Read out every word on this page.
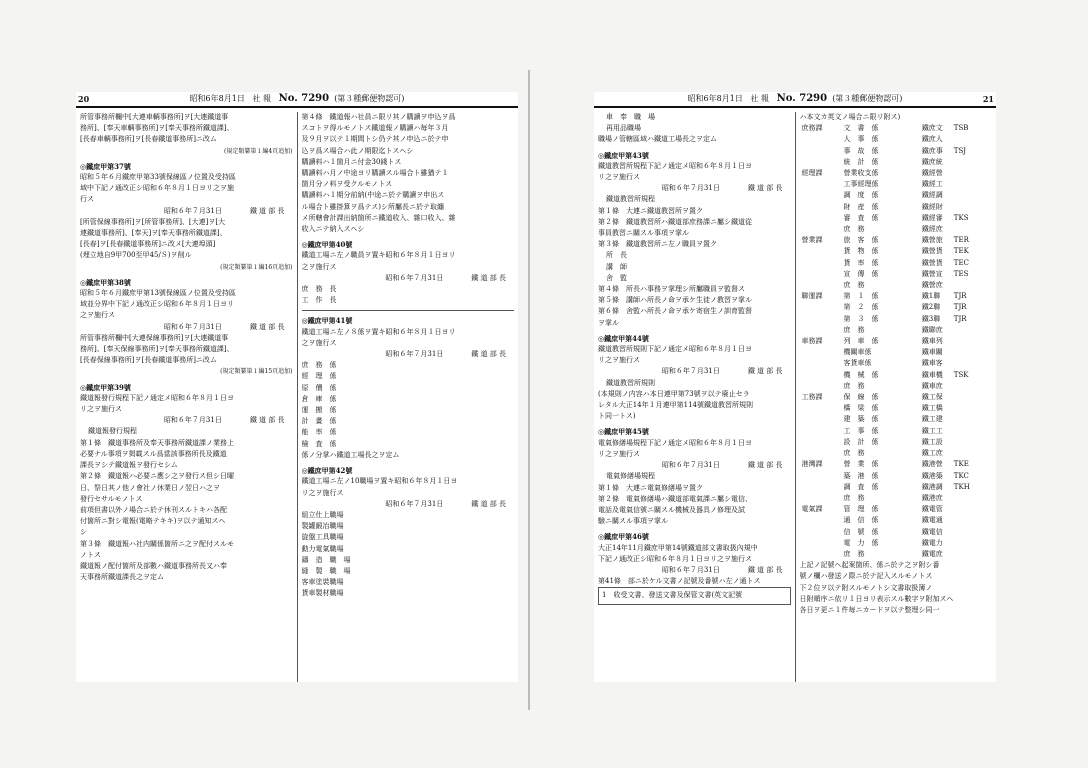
20	昭和6年8月1日 社 報 No. 7290 (第３種郵便物認可)

所管事務所欄中[大連車輌事務所]ヲ[大連鐵道事

務所]、[奉天車輌事務所]ヲ[奉天事務所鐵道課]、

[長春車輌事務所]ヲ[長春鐵道事務所]ニ改ム

(規定類纂第１編4頁追加)

◎鐵庶甲第37號

昭和５年６月鐵庶甲第33號保線區ノ位置及受持區

域中下記ノ通改正シ昭和６年８月１日ヨリ之ヲ施

行ス

昭和６年７月31日　　　　鐵 道 部 長

[所管保線事務所]ヲ[所管事務所]、[大連]ヲ[大

連鐵道事務所]、[奉天]ヲ[奉天事務所鐵道課]、

[長春]ヲ[長春鐵道事務所]ニ改メ[大連埠頭]

(埋立地自9甲700至甲45/Ｓ)ヲ削ル

(規定類纂第１編16頁追加)

◎鐵庶甲第38號

昭和５年６月鐵庶甲第13號保線區ノ位置及受持區

域並分界中下記ノ通改正シ昭和６年８月１日ヨリ

之ヲ施行ス

昭和６年７月31日　　　　鐵 道 部 長

所管事務所欄中[大連保線事務所]ヲ[大連鐵道事

務所]、[奉天保線事務所]ヲ[奉天事務所鐵道課]、

[長春保線事務所]ヲ[長春鐵道事務所]ニ改ム

(規定類纂第１編15頁追加)

◎鐵庶甲第39號

鐵道報發行規程下記ノ通定メ昭和６年８月１日ヨ

リ之ヲ施行ス

昭和６年７月31日　　　　鐵 道 部 長

鐵道報發行規程

第１條　鐵道事務所及奉天事務所鐵道課ノ業務上

必要ナル事項ヲ掲載スル爲當該事務所長及鐵道

課長ヲシテ鐵道報ヲ發行セシム

第２條　鐵道報ハ必要ニ應シ之ヲ發行ス但シ日曜

日、祭日其ノ他ノ會社ノ休業日ノ翌日ハ之ヲ

發行セサルモノトス

前項但書以外ノ場合ニ於テ休刊スルトキハ各配

付箇所ニ對シ電報(電略テキキ)ヲ以テ通知スヘ

シ

第３條　鐵道報ハ社内關係箇所ニ之ヲ配付スルモ

ノトス

鐵道報ノ配付箇所及部數ハ鐵道事務所長又ハ奉

天事務所鐵道課長之ヲ定ム

第４條　鐵道報ハ社員ニ限リ其ノ購讀ヲ申込ヲ爲

スコトヲ得ルモノトス鐵道報ノ購讀ハ毎年３月

及９月ヲ以テ１期間トシ仍テ其ノ申込ニ於テ申

込ヲ爲ス場合ハ此ノ期限迄トスヘシ

購讀料ハ１箇月ニ付金30錢トス

購讀料ハ月ノ中途ヨリ購讀スル場合ト雖猶テ１

箇月分ノ料ヲ受クルモノトス

購讀料ハ１期分前納(中途ニ於テ購讀ヲ申出ス

ル場合ト雖掛算ヲ爲テス)シ所屬長ニ於テ取纏

メ所轄會計課出納箇所ニ鐵道收入、雜口收入、雜

收入ニテ納入スヘシ

◎鐵庶甲第40號

鐵道工場ニ左ノ職員ヲ置キ昭和６年８月１日ヨリ

之ヲ施行ス

昭和６年７月31日　　　　鐵 道 部 長

庶　務　長

工　作　長

◎鐵庶甲第41號

鐵道工場ニ左ノ８係ヲ置キ昭和６年８月１日ヨリ

之ヲ施行ス

昭和６年７月31日　　　　鐵 道 部 長

庶　務　係

經　理　係

原　價　係

倉　庫　係

運　搬　係

計　畫　係

能　率　係

檢　査　係

係ノ分掌ハ鐵道工場長之ヲ定ム

◎鐵庶甲第42號

鐵道工場ニ左ノ10職場ヲ置キ昭和６年８月１日ヨ

リ之ヲ施行ス

昭和６年７月31日　　　　鐵 道 部 長

組立仕上職場

製罐鍛冶職場

旋盤工具職場

動力電氣職場

鑄　造　職　場

縫　製　職　場

客車塗裝職場

貨車製材職場

21
昭和6年8月1日 社 報 No. 7290 (第３種郵便物認可)

車　奉　職　場

再用品職場

職場ノ管轄區域ハ鐵道工場長之ヲ定ム

◎鐵庶甲第43號

鐵道教習所規程下記ノ通定メ昭和６年８月１日ヨ

リ之ヲ施行ス

昭和６年７月31日　　　　鐵 道 部 長

鐵道教習所規程

第１條　大連ニ鐵道教習所ヲ置ク

第２條　鐵道教習所ハ鐵道部庶務課ニ屬シ鐵道從

事員教習ニ關スル事項ヲ掌ル

第３條　鐵道教習所ニ左ノ職員ヲ置ク

所　長

講　師

舍　監

第４條　所長ハ事務ヲ掌理シ所屬職員ヲ監督ス

第５條　講師ハ所長ノ命ヲ承ケ生徒ノ教習ヲ掌ル

第６條　舍監ハ所長ノ命ヲ承ケ寄宿生ノ訓育監督

ヲ掌ル

◎鐵庶甲第44號

鐵道教習所規則下記ノ通定メ昭和６年８月１日ヨ

リ之ヲ施行ス

昭和６年７月31日　　　　鐵 道 部 長

鐵道教習所規則

(本規則ノ内容ハ本日連甲第73號ヲ以テ廢止セラ

レタル大正14年１月連甲第114號鐵道教習所規則

ト同一トス)

◎鐵庶甲第45號

電氣修繕場規程下記ノ通定メ昭和６年８月１日ヨ

リ之ヲ施行ス

昭和６年７月31日　　　　鐵 道 部 長

電氣修繕場規程

第１條　大連ニ電氣修繕場ヲ置ク

第２條　電氣修繕場ハ鐵道部電氣課ニ屬シ電信、

電話及電氣信號ニ關スル機械及器具ノ修理及試

驗ニ關スル事項ヲ掌ル

◎鐵庶甲第46號

大正14年11月鐵庶甲第14號鐵道部文書取扱內規中

下記ノ通改正シ昭和６年８月１日ヨリ之ヲ施行ス

昭和６年７月31日　　　　鐵 道 部 長

第41條　部ニ於ケル文書ノ記號及番號ハ左ノ通トス

1　收受文書、發送文書及保管文書(英文記號

ハ本文カ英文ノ場合ニ限リ附ス)

庶務課	文　書　係	鐵庶文	TSB
	人　事　係	鐵庶人	
	事　故　係	鐵庶事	TSJ
	統　計　係	鐵庶統	
經理課	營業收支係	鐵經營	
	工事經理係	鐵經工	
	調　度　係	鐵經調	
	財　産　係	鐵經財	
	審　査　係	鐵經審	TKS
	庶　務	鐵經庶	
營業課	旅　客　係	鐵營旅	TER
	貨　物　係	鐵營貨	TEK
	貨　率　係	鐵營貨	TEC
	宣　傳　係	鐵營宣	TES
	庶　務	鐵營庶	
聯運課	第　１　係	鐵1聯	TJR
	第　２　係	鐵2聯	TJR
	第　３　係	鐵3聯	TJR
	庶　務	鐵聯庶	
車務課	列　車　係	鐵車列	
	機關車係	鐵車關	
	客貨車係	鐵車客	
	機　械　係	鐵車機	TSK
	庶　務	鐵車庶	
工務課	保　線　係	鐵工保	
	橋　梁　係	鐵工橋	
	建　築　係	鐵工建	
	工　事　係	鐵工工	
	設　計　係	鐵工設	
	庶　務	鐵工庶	
港灣課	營　業　係	鐵港營	TKE
	築　港　係	鐵港築	TKC
	調　査　係	鐵港調	TKH
	庶　務	鐵港庶	
電氣課	管　理　係	鐵電管	
	通　信　係	鐵電通	
	信　號　係	鐵電信	
	電　力　係	鐵電力	
	庶　務	鐵電庶	

上記ノ記號ヘ起案箇所、係ニ於テ之ヲ附シ番

號ノ欄ハ發送ノ際ニ於テ記入スルモノトス

下２位ヲ以テ附スルモノトシ文書取扱簿ノ

日附順序ニ依リ１日ヨリ表示スル數字ヲ附加スヘ

各日ヲ更ニ１件毎ニカードヲ以テ整理シ同一
